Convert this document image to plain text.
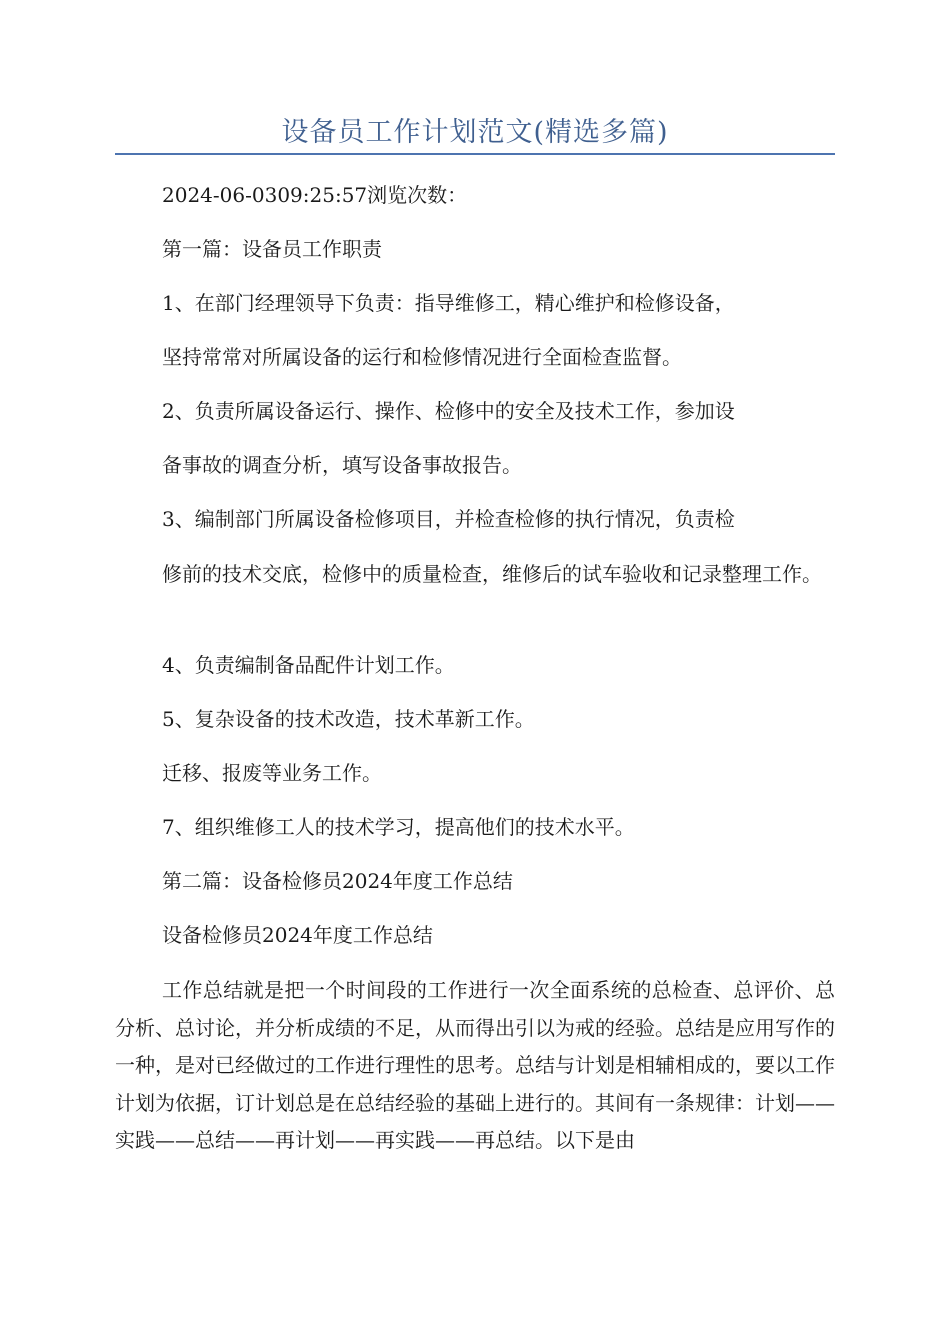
设备员工作计划范文(精选多篇)

2024-06-0309:25:57浏览次数：

第一篇：设备员工作职责

1、在部门经理领导下负责：指导维修工，精心维护和检修设备，

坚持常常对所属设备的运行和检修情况进行全面检查监督。

2、负责所属设备运行、操作、检修中的安全及技术工作，参加设

备事故的调查分析，填写设备事故报告。

3、编制部门所属设备检修项目，并检查检修的执行情况，负责检

修前的技术交底，检修中的质量检查，维修后的试车验收和记录整理工作。

4、负责编制备品配件计划工作。

5、复杂设备的技术改造，技术革新工作。

迁移、报废等业务工作。

7、组织维修工人的技术学习，提高他们的技术水平。

第二篇：设备检修员2024年度工作总结

设备检修员2024年度工作总结

工作总结就是把一个时间段的工作进行一次全面系统的总检查、总评价、总分析、总讨论，并分析成绩的不足，从而得出引以为戒的经验。总结是应用写作的一种，是对已经做过的工作进行理性的思考。总结与计划是相辅相成的，要以工作计划为依据，订计划总是在总结经验的基础上进行的。其间有一条规律：计划——实践——总结——再计划——再实践——再总结。以下是由
